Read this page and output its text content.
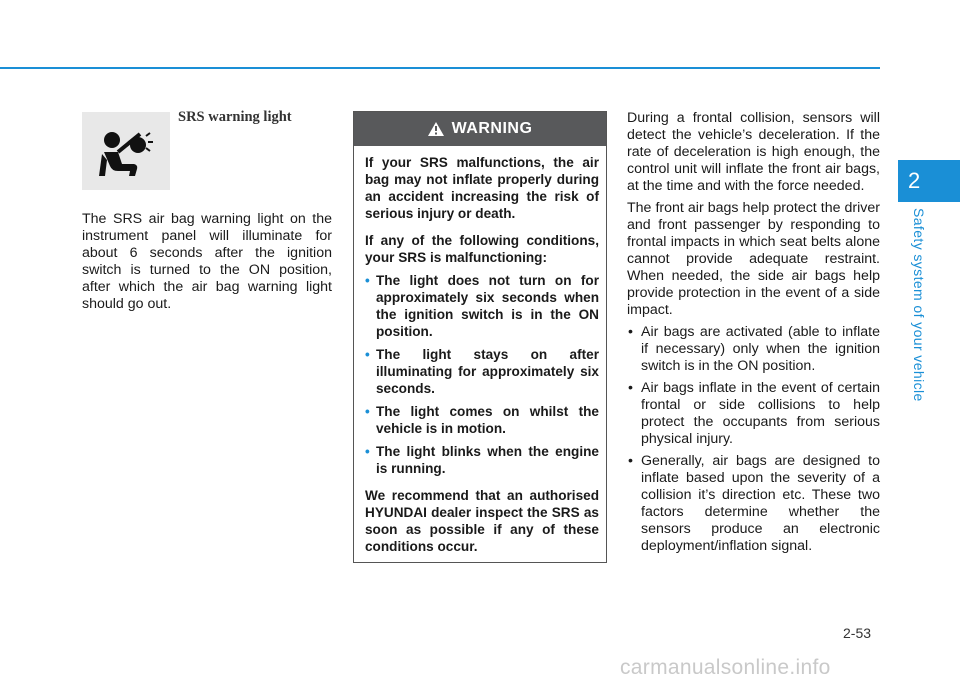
2
Safety system of your vehicle
SRS warning light

The SRS air bag warning light on the instrument panel will illuminate for about 6 seconds after the ignition switch is turned to the ON position, after which the air bag warning light should go out.

WARNING

If your SRS malfunctions, the air bag may not inflate properly during an accident increasing the risk of serious injury or death.

If any of the following conditions, your SRS is malfunctioning:

• The light does not turn on for approximately six seconds when the ignition switch is in the ON position.
• The light stays on after illuminating for approximately six seconds.
• The light comes on whilst the vehicle is in motion.
• The light blinks when the engine is running.

We recommend that an authorised HYUNDAI dealer inspect the SRS as soon as possible if any of these conditions occur.

During a frontal collision, sensors will detect the vehicle’s deceleration. If the rate of deceleration is high enough, the control unit will inflate the front air bags, at the time and with the force needed.

The front air bags help protect the driver and front passenger by responding to frontal impacts in which seat belts alone cannot provide adequate restraint. When needed, the side air bags help provide protection in the event of a side impact.

• Air bags are activated (able to inflate if necessary) only when the ignition switch is in the ON position.
• Air bags inflate in the event of certain frontal or side collisions to help protect the occupants from serious physical injury.
• Generally, air bags are designed to inflate based upon the severity of a collision it’s direction etc. These two factors determine whether the sensors produce an electronic deployment/inflation signal.
2-53
carmanualsonline.info
